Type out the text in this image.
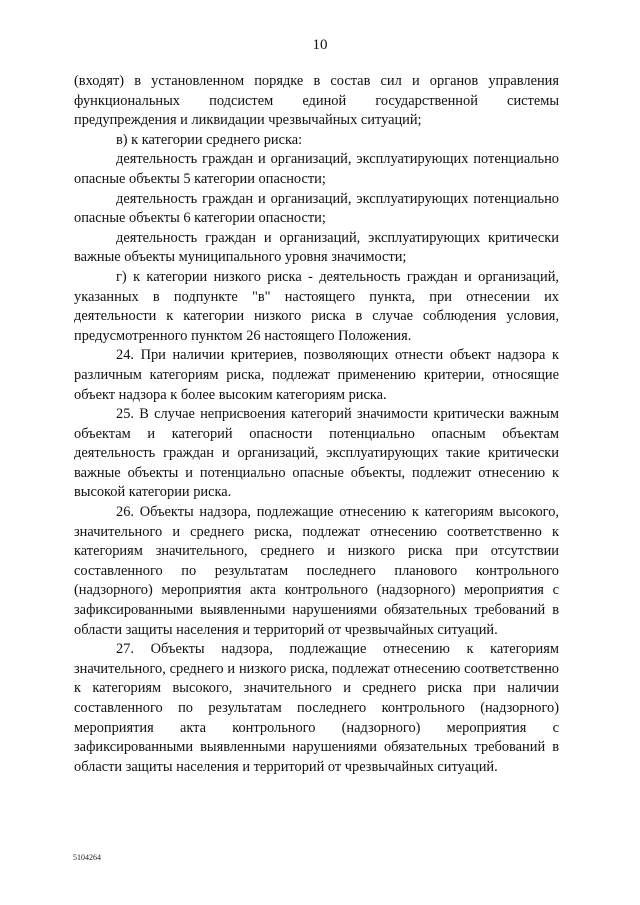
10

(входят) в установленном порядке в состав сил и органов управления функциональных подсистем единой государственной системы предупреждения и ликвидации чрезвычайных ситуаций;

в) к категории среднего риска:

деятельность граждан и организаций, эксплуатирующих потенциально опасные объекты 5 категории опасности;

деятельность граждан и организаций, эксплуатирующих потенциально опасные объекты 6 категории опасности;

деятельность граждан и организаций, эксплуатирующих критически важные объекты муниципального уровня значимости;

г) к категории низкого риска - деятельность граждан и организаций, указанных в подпункте "в" настоящего пункта, при отнесении их деятельности к категории низкого риска в случае соблюдения условия, предусмотренного пунктом 26 настоящего Положения.

24. При наличии критериев, позволяющих отнести объект надзора к различным категориям риска, подлежат применению критерии, относящие объект надзора к более высоким категориям риска.

25. В случае неприсвоения категорий значимости критически важным объектам и категорий опасности потенциально опасным объектам деятельность граждан и организаций, эксплуатирующих такие критически важные объекты и потенциально опасные объекты, подлежит отнесению к высокой категории риска.

26. Объекты надзора, подлежащие отнесению к категориям высокого, значительного и среднего риска, подлежат отнесению соответственно к категориям значительного, среднего и низкого риска при отсутствии составленного по результатам последнего планового контрольного (надзорного) мероприятия акта контрольного (надзорного) мероприятия с зафиксированными выявленными нарушениями обязательных требований в области защиты населения и территорий от чрезвычайных ситуаций.

27. Объекты надзора, подлежащие отнесению к категориям значительного, среднего и низкого риска, подлежат отнесению соответственно к категориям высокого, значительного и среднего риска при наличии составленного по результатам последнего контрольного (надзорного) мероприятия акта контрольного (надзорного) мероприятия с зафиксированными выявленными нарушениями обязательных требований в области защиты населения и территорий от чрезвычайных ситуаций.

5104264
